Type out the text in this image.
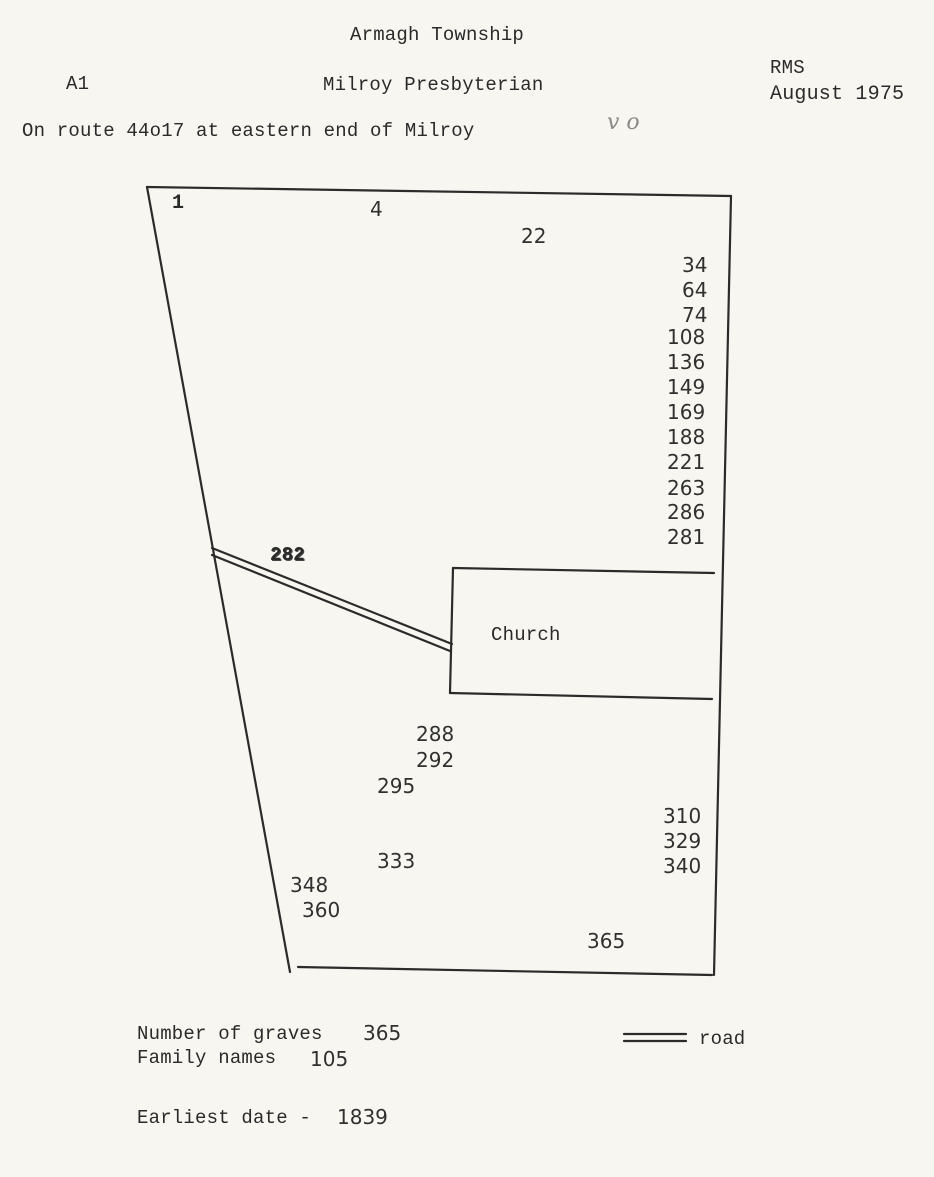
Armagh Township
A1	Milroy Presbyterian
RMS
August 1975
On route 44o17 at eastern end of Milroy	v o
Church
282
1	4
22
34
64
74
108
136
149
169
188
221
263
286
281
288
292
295
333
348
360
310
329
340
365
Number of graves 365
Family names 105
Earliest date - 1839
road
